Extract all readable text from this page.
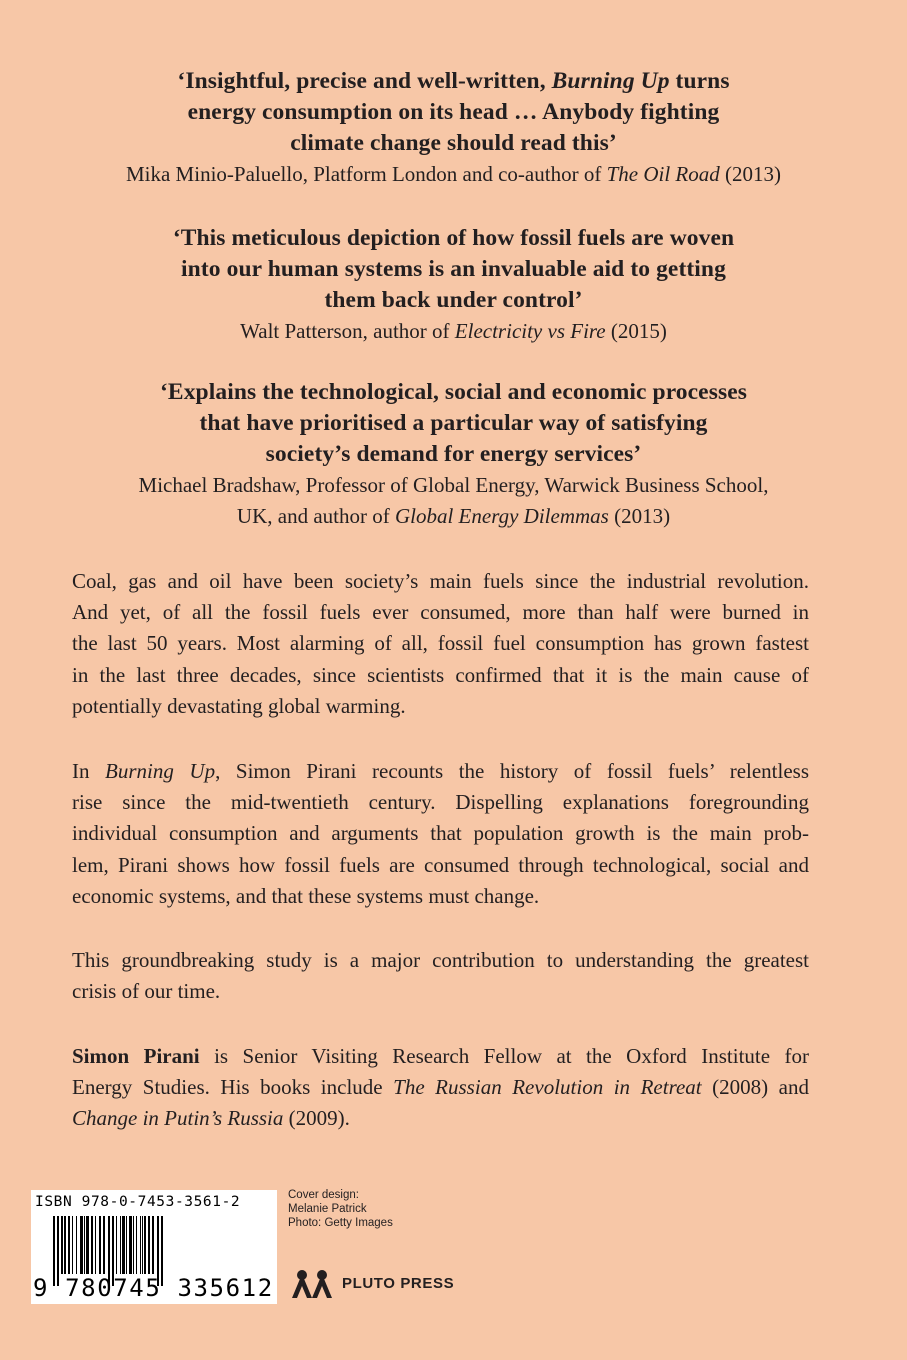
‘Insightful, precise and well-written, Burning Up turns
energy consumption on its head … Anybody fighting
climate change should read this’
Mika Minio-Paluello, Platform London and co-author of The Oil Road (2013)
‘This meticulous depiction of how fossil fuels are woven
into our human systems is an invaluable aid to getting
them back under control’
Walt Patterson, author of Electricity vs Fire (2015)
‘Explains the technological, social and economic processes
that have prioritised a particular way of satisfying
society’s demand for energy services’
Michael Bradshaw, Professor of Global Energy, Warwick Business School,
UK, and author of Global Energy Dilemmas (2013)
Coal, gas and oil have been society’s main fuels since the industrial revolution.
And yet, of all the fossil fuels ever consumed, more than half were burned in
the last 50 years. Most alarming of all, fossil fuel consumption has grown fastest
in the last three decades, since scientists confirmed that it is the main cause of
potentially devastating global warming.
In Burning Up, Simon Pirani recounts the history of fossil fuels’ relentless
rise since the mid-twentieth century. Dispelling explanations foregrounding
individual consumption and arguments that population growth is the main prob-
lem, Pirani shows how fossil fuels are consumed through technological, social and
economic systems, and that these systems must change.
This groundbreaking study is a major contribution to understanding the greatest
crisis of our time.
Simon Pirani is Senior Visiting Research Fellow at the Oxford Institute for
Energy Studies. His books include The Russian Revolution in Retreat (2008) and
Change in Putin’s Russia (2009).
ISBN 978-0-7453-3561-2
9 780745 335612
Cover design:
Melanie Patrick
Photo: Getty Images
PLUTO PRESS
